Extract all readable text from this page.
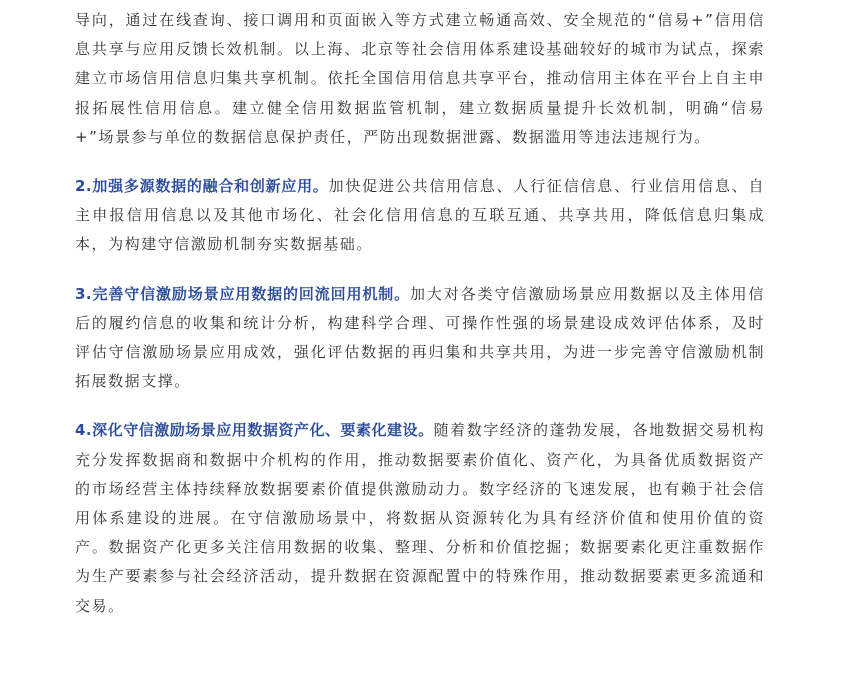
导向，通过在线查询、接口调用和页面嵌入等方式建立畅通高效、安全规范的“信易+”信用信息共享与应用反馈长效机制。以上海、北京等社会信用体系建设基础较好的城市为试点，探索建立市场信用信息归集共享机制。依托全国信用信息共享平台，推动信用主体在平台上自主申报拓展性信用信息。建立健全信用数据监管机制，建立数据质量提升长效机制，明确“信易+”场景参与单位的数据信息保护责任，严防出现数据泄露、数据滥用等违法违规行为。

2.加强多源数据的融合和创新应用。加快促进公共信用信息、人行征信信息、行业信用信息、自主申报信用信息以及其他市场化、社会化信用信息的互联互通、共享共用，降低信息归集成本，为构建守信激励机制夯实数据基础。

3.完善守信激励场景应用数据的回流回用机制。加大对各类守信激励场景应用数据以及主体用信后的履约信息的收集和统计分析，构建科学合理、可操作性强的场景建设成效评估体系，及时评估守信激励场景应用成效，强化评估数据的再归集和共享共用，为进一步完善守信激励机制拓展数据支撑。

4.深化守信激励场景应用数据资产化、要素化建设。随着数字经济的蓬勃发展，各地数据交易机构充分发挥数据商和数据中介机构的作用，推动数据要素价值化、资产化，为具备优质数据资产的市场经营主体持续释放数据要素价值提供激励动力。数字经济的飞速发展，也有赖于社会信用体系建设的进展。在守信激励场景中，将数据从资源转化为具有经济价值和使用价值的资产。数据资产化更多关注信用数据的收集、整理、分析和价值挖掘；数据要素化更注重数据作为生产要素参与社会经济活动，提升数据在资源配置中的特殊作用，推动数据要素更多流通和交易。
